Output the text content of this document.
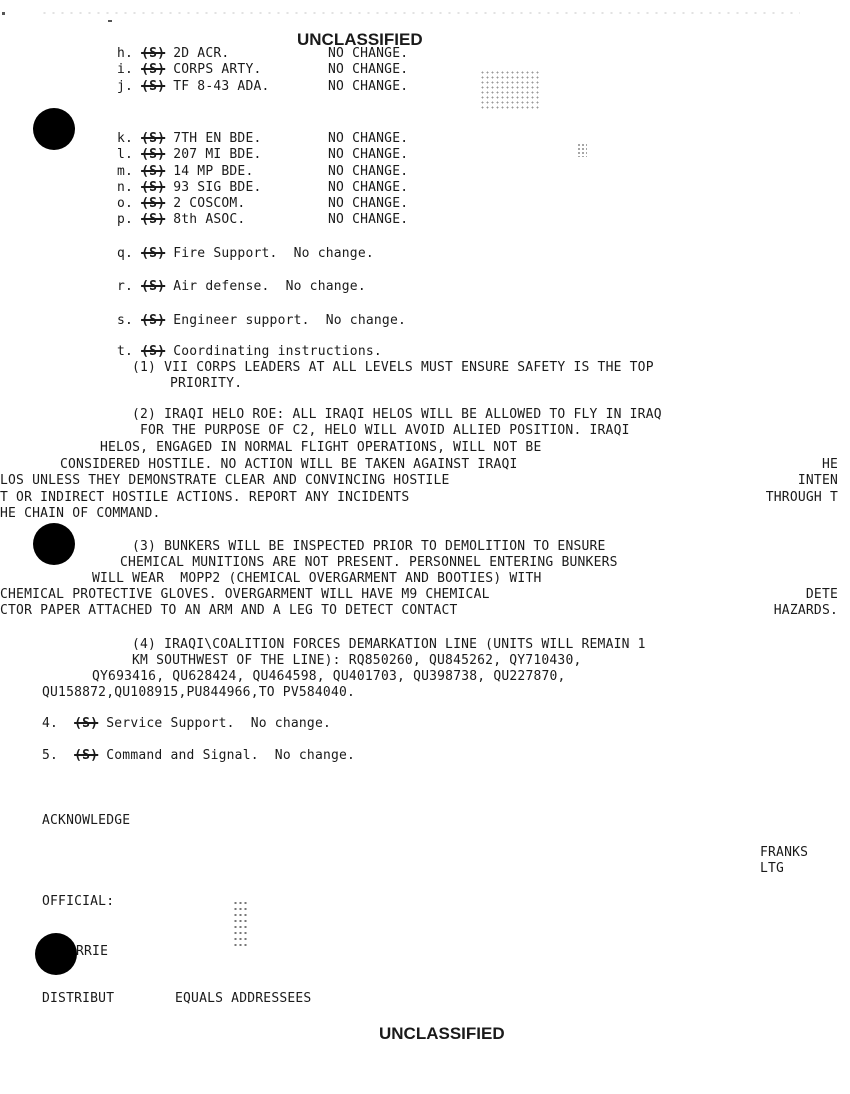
UNCLASSIFIED
h. (S) 2D ACR.	NO CHANGE.
i. (S) CORPS ARTY.	NO CHANGE.
j. (S) TF 8-43 ADA.	NO CHANGE.
k. (S) 7TH EN BDE.	NO CHANGE.
l. (S) 207 MI BDE.	NO CHANGE.
m. (S) 14 MP BDE.	NO CHANGE.
n. (S) 93 SIG BDE.	NO CHANGE.
o. (S) 2 COSCOM.	NO CHANGE.
p. (S) 8th ASOC.	NO CHANGE.
q. (S) Fire Support.  No change.
r. (S) Air defense.  No change.
s. (S) Engineer support.  No change.
t. (S) Coordinating instructions.
(1) VII CORPS LEADERS AT ALL LEVELS MUST ENSURE SAFETY IS THE TOP
PRIORITY.
(2) IRAQI HELO ROE: ALL IRAQI HELOS WILL BE ALLOWED TO FLY IN IRAQ
FOR THE PURPOSE OF C2, HELO WILL AVOID ALLIED POSITION. IRAQI
HELOS, ENGAGED IN NORMAL FLIGHT OPERATIONS, WILL NOT BE
CONSIDERED HOSTILE. NO ACTION WILL BE TAKEN AGAINST IRAQI	HE
LOS UNLESS THEY DEMONSTRATE CLEAR AND CONVINCING HOSTILE	INTEN
T OR INDIRECT HOSTILE ACTIONS. REPORT ANY INCIDENTS	THROUGH T
HE CHAIN OF COMMAND.
(3) BUNKERS WILL BE INSPECTED PRIOR TO DEMOLITION TO ENSURE
CHEMICAL MUNITIONS ARE NOT PRESENT. PERSONNEL ENTERING BUNKERS
WILL WEAR  MOPP2 (CHEMICAL OVERGARMENT AND BOOTIES) WITH
CHEMICAL PROTECTIVE GLOVES. OVERGARMENT WILL HAVE M9 CHEMICAL	DETE
CTOR PAPER ATTACHED TO AN ARM AND A LEG TO DETECT CONTACT	HAZARDS.
(4) IRAQI\COALITION FORCES DEMARKATION LINE (UNITS WILL REMAIN 1
KM SOUTHWEST OF THE LINE): RQ850260, QU845262, QY710430,
QY693416, QU628424, QU464598, QU401703, QU398738, QU227870,
QU158872,QU108915,PU844966,TO PV584040.
4. (S) Service Support.  No change.
5. (S) Command and Signal.  No change.
ACKNOWLEDGE
FRANKS
LTG
OFFICIAL:
RRIE
DISTRIBUT	EQUALS ADDRESSEES
UNCLASSIFIED
